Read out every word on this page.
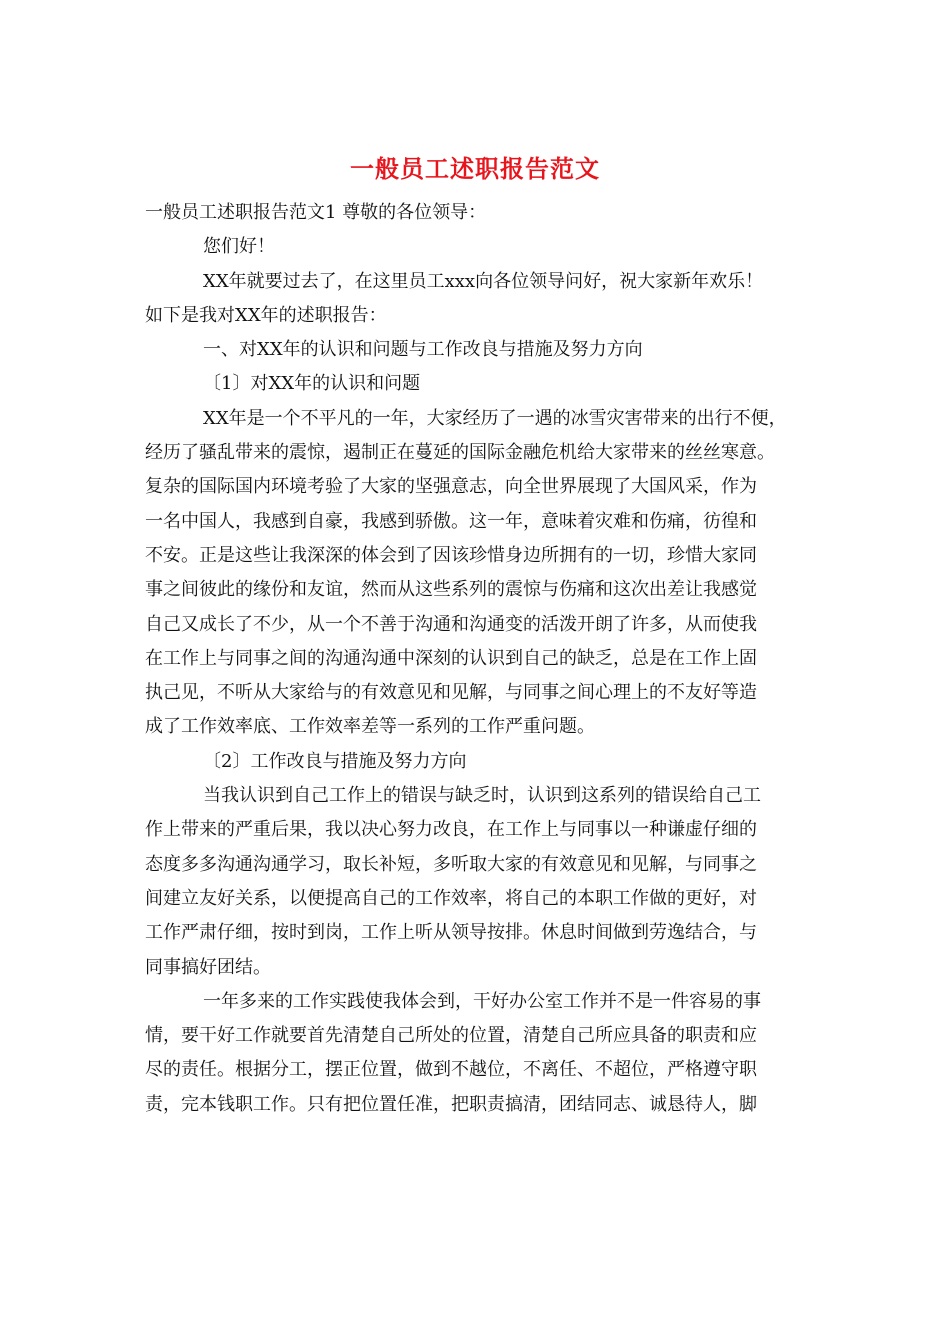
一般员工述职报告范文
一般员工述职报告范文1 尊敬的各位领导：
您们好！
XX年就要过去了，在这里员工xxx向各位领导问好，祝大家新年欢乐！
如下是我对XX年的述职报告：
一、对XX年的认识和问题与工作改良与措施及努力方向
〔1〕对XX年的认识和问题
XX年是一个不平凡的一年，大家经历了一遇的冰雪灾害带来的出行不便，
经历了骚乱带来的震惊，遏制正在蔓延的国际金融危机给大家带来的丝丝寒意。
复杂的国际国内环境考验了大家的坚强意志，向全世界展现了大国风采，作为
一名中国人，我感到自豪，我感到骄傲。这一年，意味着灾难和伤痛，彷徨和
不安。正是这些让我深深的体会到了因该珍惜身边所拥有的一切，珍惜大家同
事之间彼此的缘份和友谊，然而从这些系列的震惊与伤痛和这次出差让我感觉
自己又成长了不少，从一个不善于沟通和沟通变的活泼开朗了许多，从而使我
在工作上与同事之间的沟通沟通中深刻的认识到自己的缺乏，总是在工作上固
执己见，不听从大家给与的有效意见和见解，与同事之间心理上的不友好等造
成了工作效率底、工作效率差等一系列的工作严重问题。
〔2〕工作改良与措施及努力方向
当我认识到自己工作上的错误与缺乏时，认识到这系列的错误给自己工
作上带来的严重后果，我以决心努力改良，在工作上与同事以一种谦虚仔细的
态度多多沟通沟通学习，取长补短，多听取大家的有效意见和见解，与同事之
间建立友好关系，以便提高自己的工作效率，将自己的本职工作做的更好，对
工作严肃仔细，按时到岗，工作上听从领导按排。休息时间做到劳逸结合，与
同事搞好团结。
一年多来的工作实践使我体会到，干好办公室工作并不是一件容易的事
情，要干好工作就要首先清楚自己所处的位置，清楚自己所应具备的职责和应
尽的责任。根据分工，摆正位置，做到不越位，不离任、不超位，严格遵守职
责，完本钱职工作。只有把位置任准，把职责搞清，团结同志、诚恳待人，脚
